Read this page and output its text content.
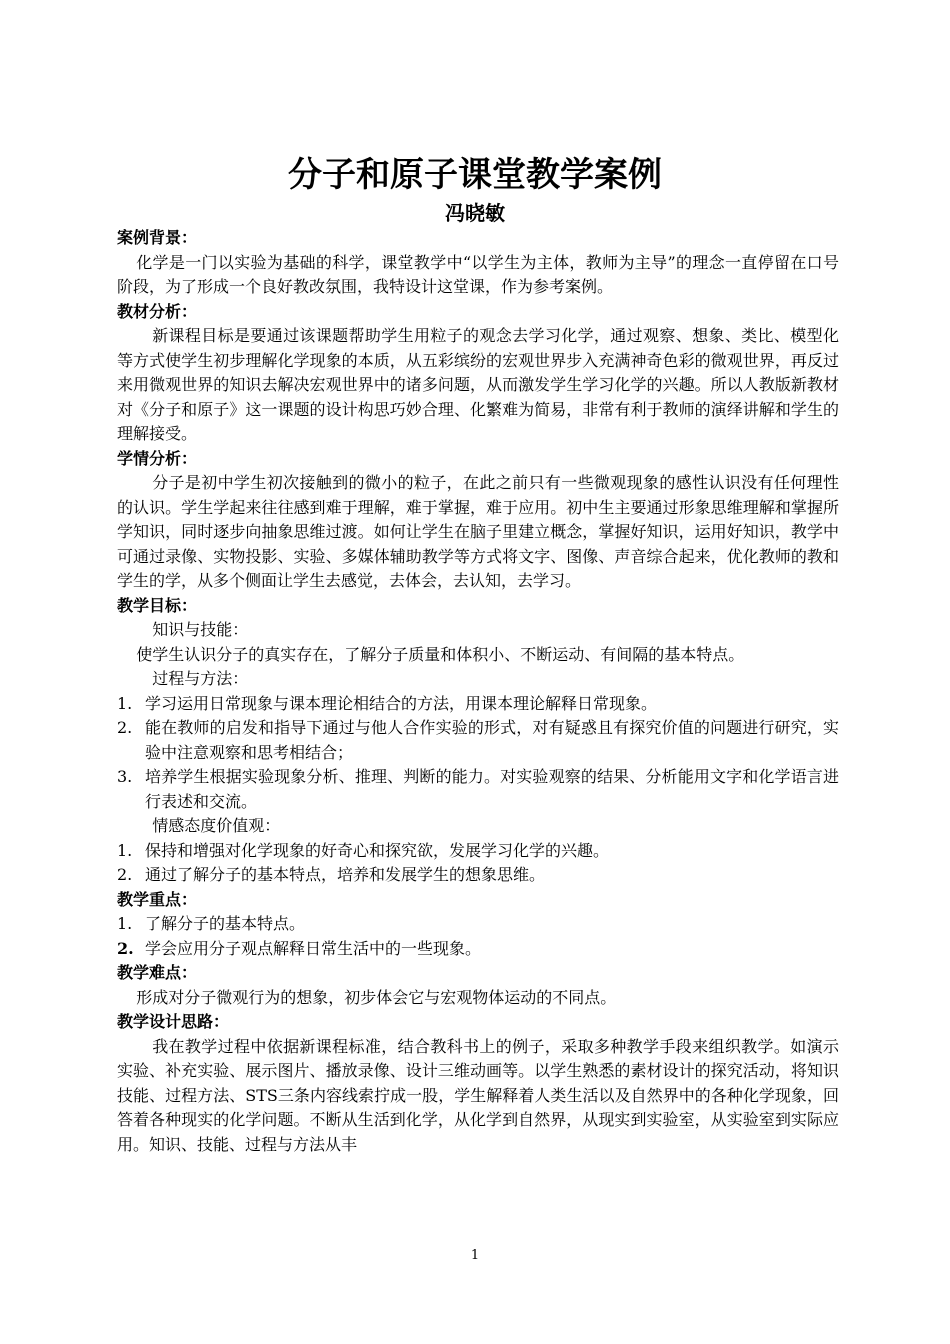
分子和原子课堂教学案例
冯晓敏
案例背景：
化学是一门以实验为基础的科学，课堂教学中“以学生为主体，教师为主导”的理念一直停留在口号阶段，为了形成一个良好教改氛围，我特设计这堂课，作为参考案例。
教材分析：
新课程目标是要通过该课题帮助学生用粒子的观念去学习化学，通过观察、想象、类比、模型化等方式使学生初步理解化学现象的本质，从五彩缤纷的宏观世界步入充满神奇色彩的微观世界，再反过来用微观世界的知识去解决宏观世界中的诸多问题，从而激发学生学习化学的兴趣。所以人教版新教材对《分子和原子》这一课题的设计构思巧妙合理、化繁难为简易，非常有利于教师的演绎讲解和学生的理解接受。
学情分析：
分子是初中学生初次接触到的微小的粒子，在此之前只有一些微观现象的感性认识没有任何理性的认识。学生学起来往往感到难于理解，难于掌握，难于应用。初中生主要通过形象思维理解和掌握所学知识，同时逐步向抽象思维过渡。如何让学生在脑子里建立概念，掌握好知识，运用好知识，教学中可通过录像、实物投影、实验、多媒体辅助教学等方式将文字、图像、声音综合起来，优化教师的教和学生的学，从多个侧面让学生去感觉，去体会，去认知，去学习。
教学目标：
知识与技能：
使学生认识分子的真实存在，了解分子质量和体积小、不断运动、有间隔的基本特点。
过程与方法：
1. 学习运用日常现象与课本理论相结合的方法，用课本理论解释日常现象。
2. 能在教师的启发和指导下通过与他人合作实验的形式，对有疑惑且有探究价值的问题进行研究，实验中注意观察和思考相结合；
3. 培养学生根据实验现象分析、推理、判断的能力。对实验观察的结果、分析能用文字和化学语言进行表述和交流。
情感态度价值观：
1. 保持和增强对化学现象的好奇心和探究欲，发展学习化学的兴趣。
2. 通过了解分子的基本特点，培养和发展学生的想象思维。
教学重点：
1. 了解分子的基本特点。
2. 学会应用分子观点解释日常生活中的一些现象。
教学难点：
形成对分子微观行为的想象，初步体会它与宏观物体运动的不同点。
教学设计思路：
我在教学过程中依据新课程标准，结合教科书上的例子，采取多种教学手段来组织教学。如演示实验、补充实验、展示图片、播放录像、设计三维动画等。以学生熟悉的素材设计的探究活动，将知识技能、过程方法、STS三条内容线索拧成一股，学生解释着人类生活以及自然界中的各种化学现象，回答着各种现实的化学问题。不断从生活到化学，从化学到自然界，从现实到实验室，从实验室到实际应用。知识、技能、过程与方法从丰
1
